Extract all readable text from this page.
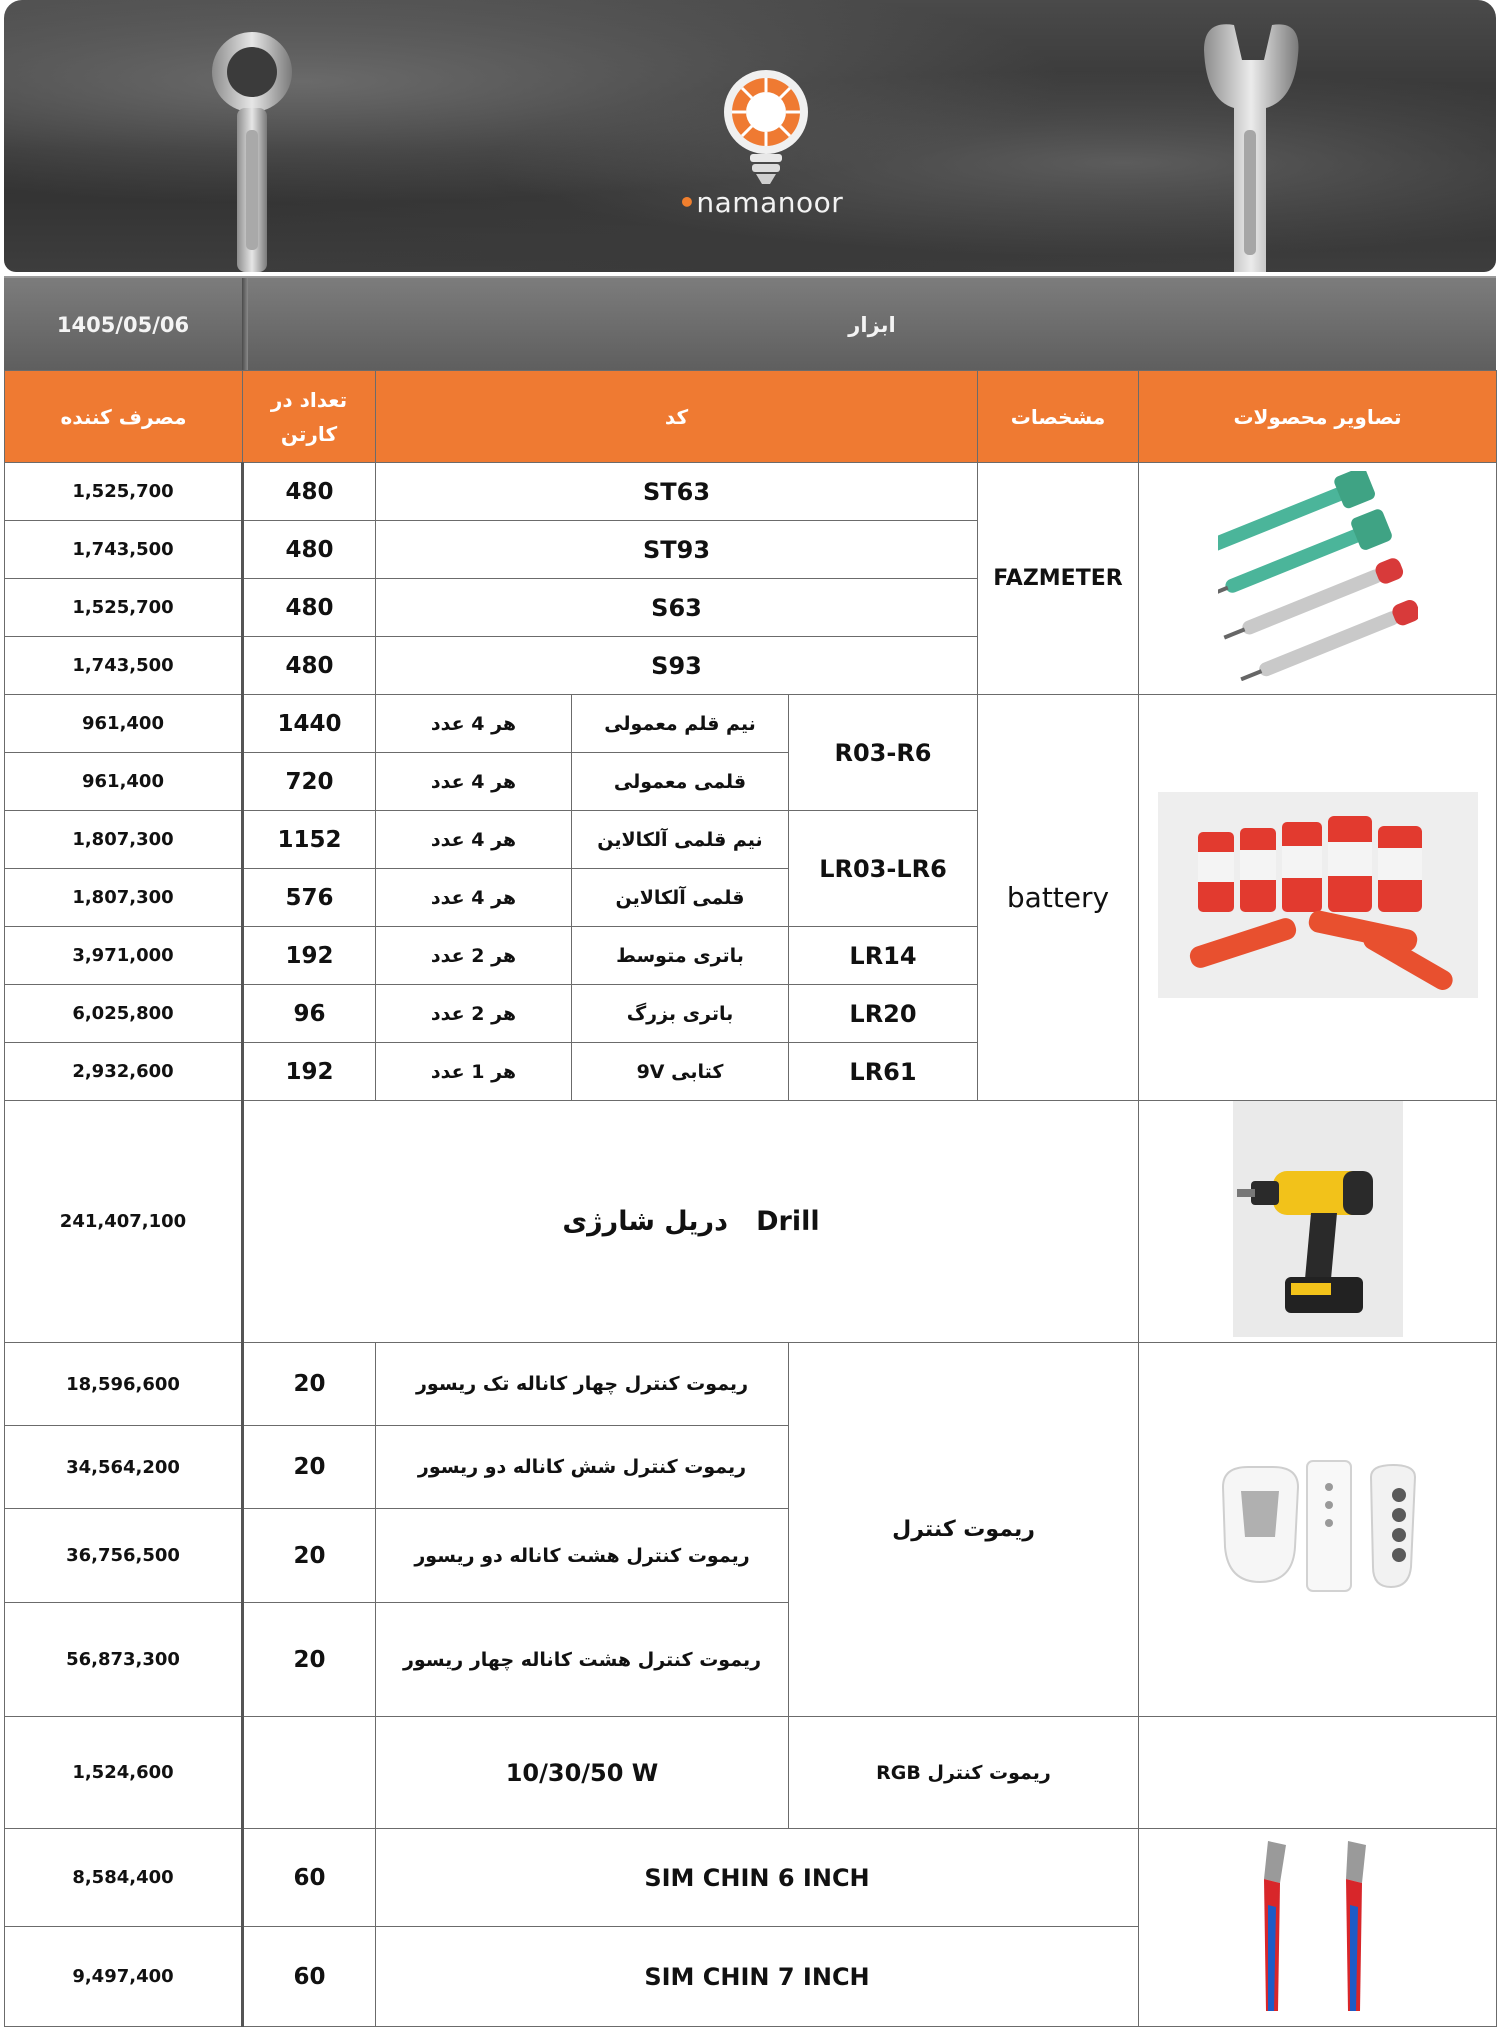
•namanoor
1405/05/06	ابزار
مصرف کننده	تعداد در کارتن	کد			مشخصات	تصاویر محصولات
1,525,700	480	ST63			FAZMETER	
1,743,500	480	ST93				
1,525,700	480	S63				
1,743,500	480	S93				
961,400	1440	هر 4 عدد	نیم قلم معمولی	R03-R6	battery	
961,400	720	هر 4 عدد	قلمی معمولی			
1,807,300	1152	هر 4 عدد	نیم قلمی آلکالاین	LR03-LR6		
1,807,300	576	هر 4 عدد	قلمی آلکالاین			
3,971,000	192	هر 2 عدد	باتری متوسط	LR14		
6,025,800	96	هر 2 عدد	باتری بزرگ	LR20		
2,932,600	192	هر 1 عدد	کتابی 9V	LR61		
241,407,100	دریل شارژی Drill	
18,596,600	20	ریموت کنترل چهار کاناله تک ریسور		ریموت کنترل	
34,564,200	20	ریموت کنترل شش کاناله دو ریسور				
36,756,500	20	ریموت کنترل هشت کاناله دو ریسور				
56,873,300	20	ریموت کنترل هشت کاناله چهار ریسور				
1,524,600		10/30/50 W		ریموت کنترل RGB		
8,584,400	60	SIM CHIN 6 INCH	
9,497,400	60	SIM CHIN 7 INCH				
